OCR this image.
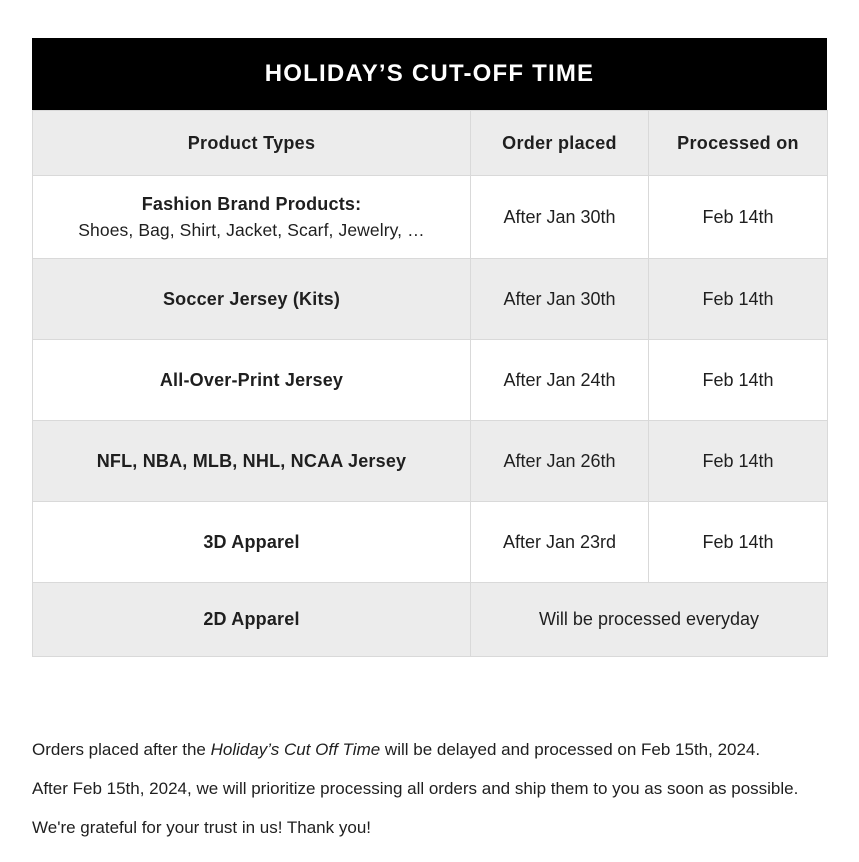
HOLIDAY’S CUT-OFF TIME
Product Types	Order placed	Processed on
Fashion Brand Products:
Shoes, Bag, Shirt, Jacket, Scarf, Jewelry, …	After Jan 30th	Feb 14th
Soccer Jersey (Kits)	After Jan 30th	Feb 14th
All-Over-Print Jersey	After Jan 24th	Feb 14th
NFL, NBA, MLB, NHL, NCAA Jersey	After Jan 26th	Feb 14th
3D Apparel	After Jan 23rd	Feb 14th
2D Apparel	Will be processed everyday	

Orders placed after the Holiday’s Cut Off Time will be delayed and processed on Feb 15th, 2024.

After Feb 15th, 2024, we will prioritize processing all orders and ship them to you as soon as possible.

We're grateful for your trust in us! Thank you!
